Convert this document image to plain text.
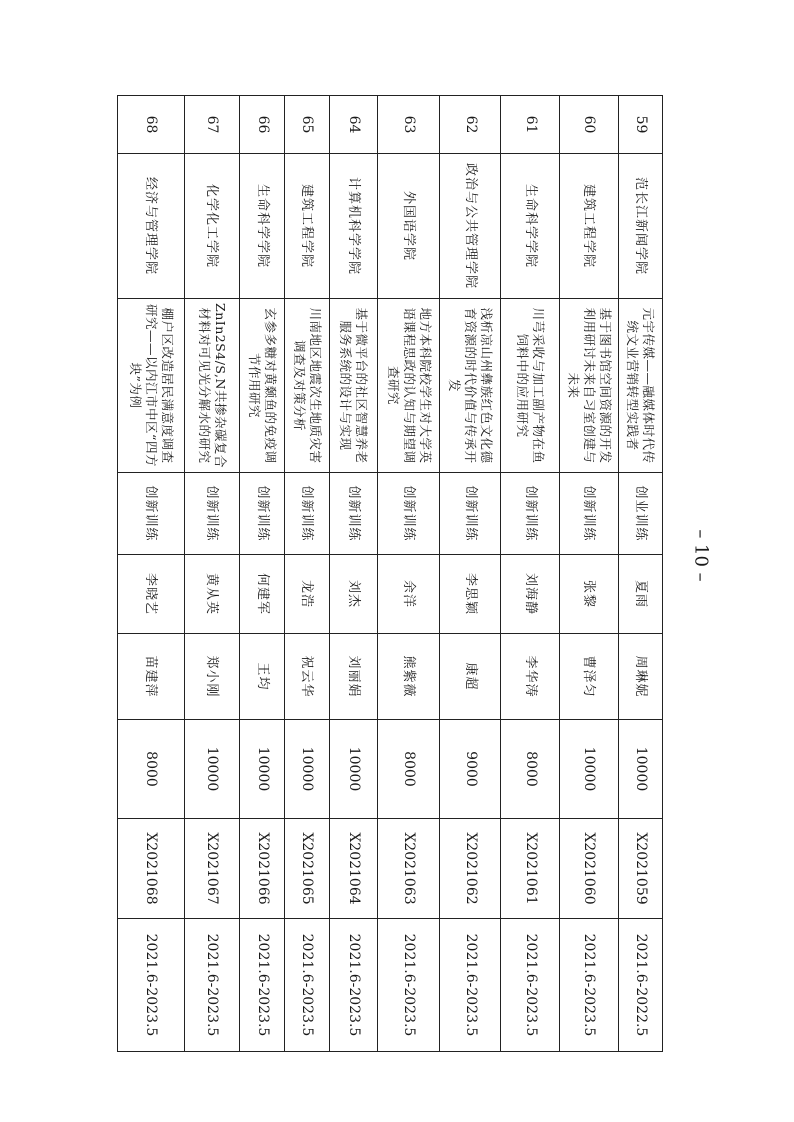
59	范长江新闻学院	元宇传媒——融媒体时代传统文业营销转型实践者	创业训练	夏雨	周琳妮	10000	X2021059	2021.6-2022.5
60	建筑工程学院	基于图书馆空间资源的开发利用研讨未来自习室创建与未来	创新训练	张黎	曹泽匀	10000	X2021060	2021.6-2023.5
61	生命科学学院	川芎采收与加工副产物在鱼饲料中的应用研究	创新训练	刘海静	李华涛	8000	X2021061	2021.6-2023.5
62	政治与公共管理学院	浅析凉山州彝族红色文化德育资源的时代价值与传承开发	创新训练	李思颖	康超	9000	X2021062	2021.6-2023.5
63	外国语学院	地方本科院校学生对大学英语课程思政的认知与期望调查研究	创新训练	余洋	熊紫薇	8000	X2021063	2021.6-2023.5
64	计算机科学学院	基于微平台的社区智慧养老服务系统的设计与实现	创新训练	刘杰	刘丽娟	10000	X2021064	2021.6-2023.5
65	建筑工程学院	川南地区地震次生地质灾害调查及对策分析	创新训练	龙浩	祝云华	10000	X2021065	2021.6-2023.5
66	生命科学学院	玄参多糖对黄颡鱼的免疫调节作用研究	创新训练	何建军	王均	10000	X2021066	2021.6-2023.5
67	化学化工学院	ZnIn2S4/S,N共掺杂碳复合材料对可见光分解水的研究	创新训练	黄从英	郑小刚	10000	X2021067	2021.6-2023.5
68	经济与管理学院	棚户区改造居民满意度调查研究——以内江市中区“四方块”为例	创新训练	李晓艺	苗建萍	8000	X2021068	2021.6-2023.5
– 10 –
